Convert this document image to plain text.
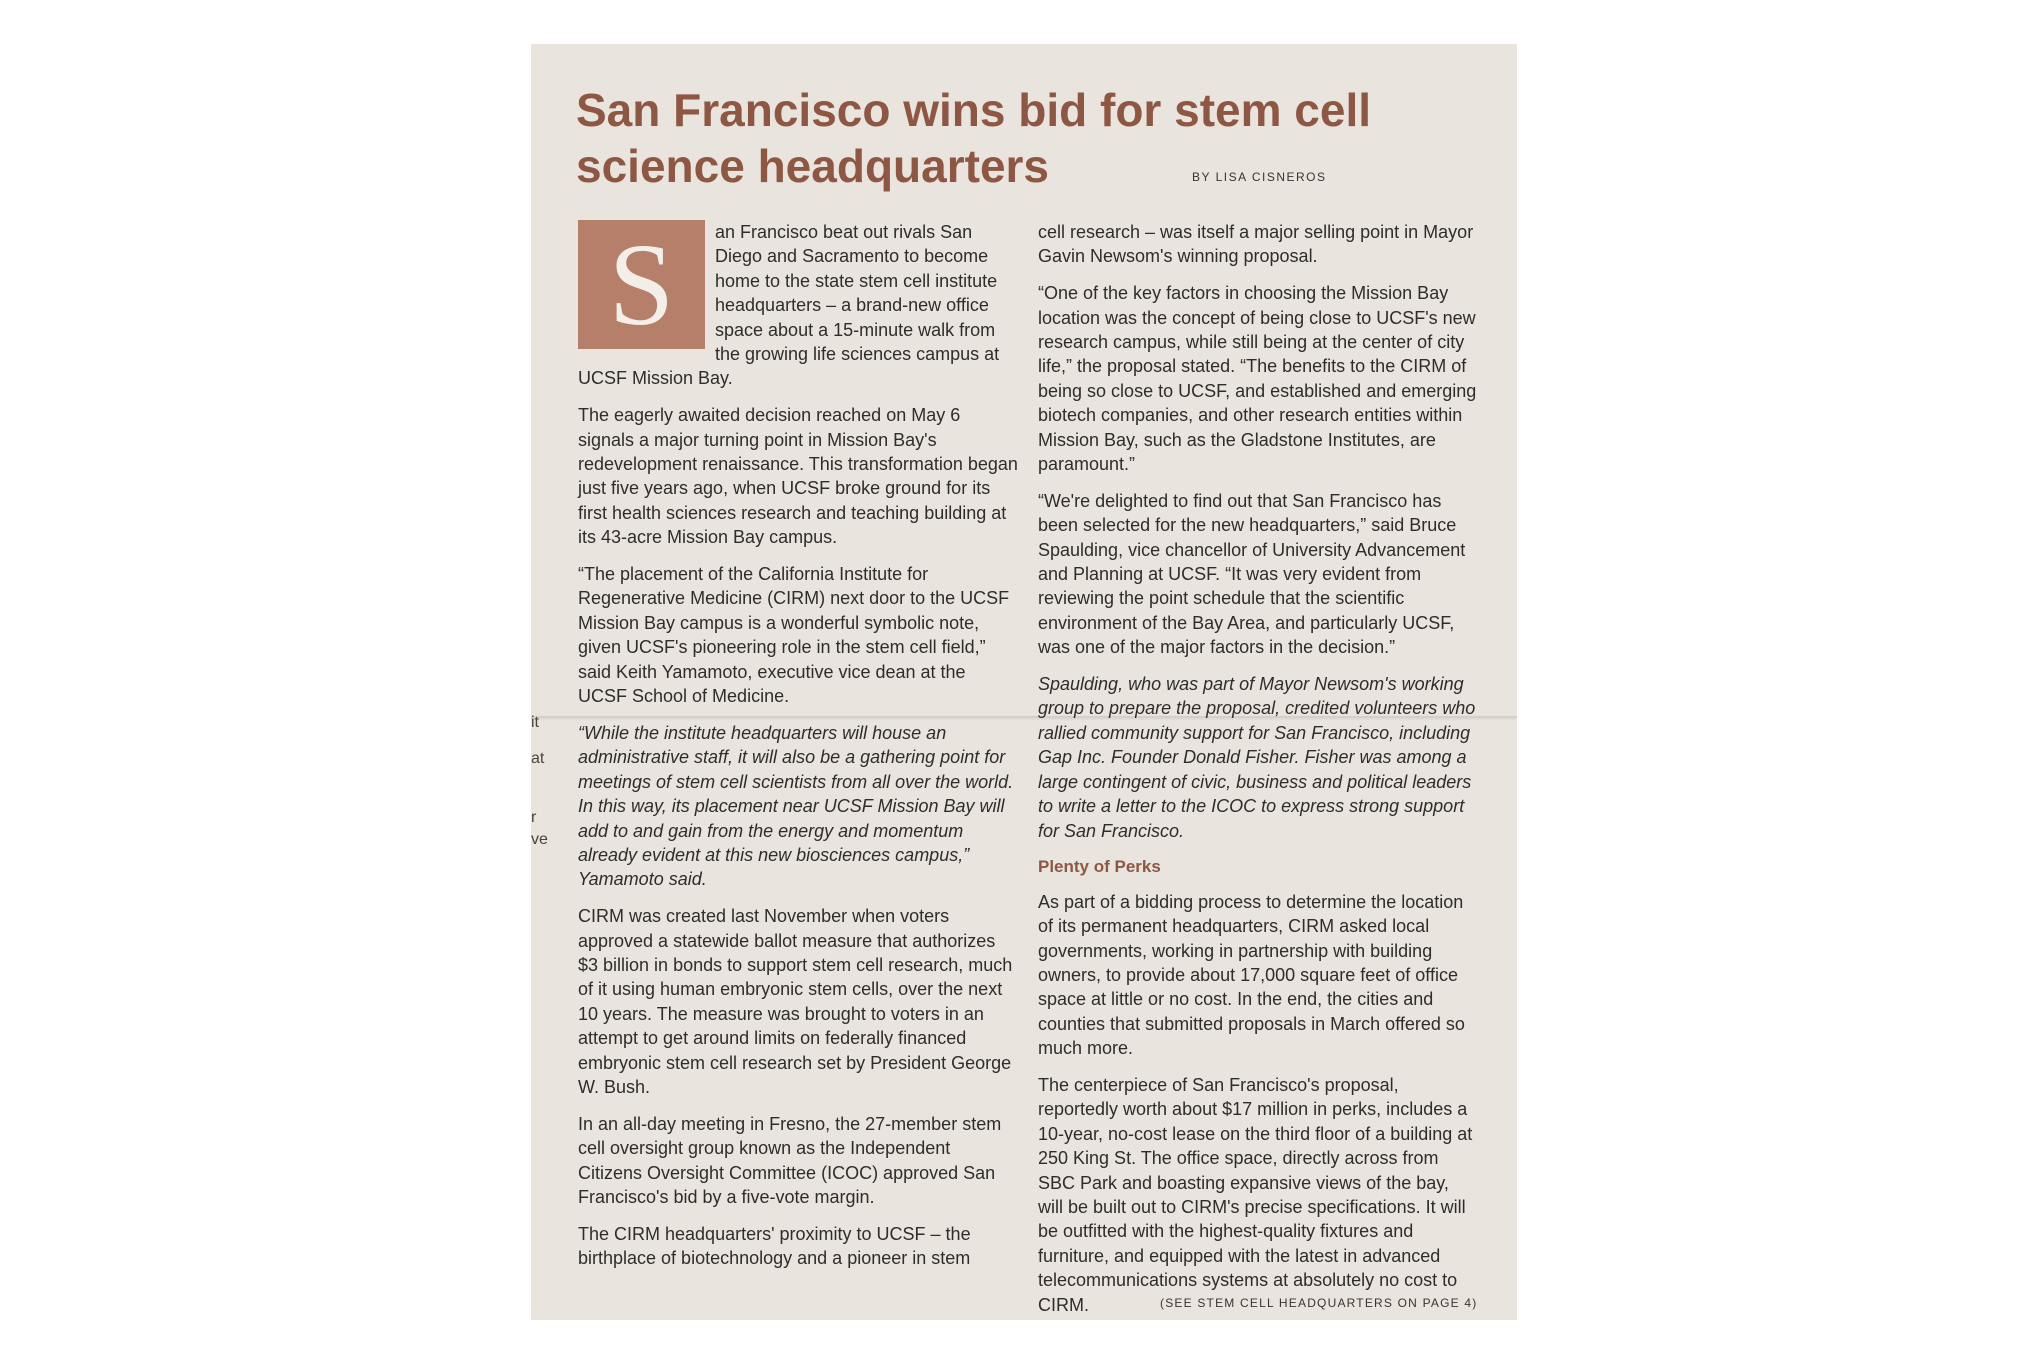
San Francisco wins bid for stem cell science headquarters	BY LISA CISNEROS
it
at
r
ve

S	an Francisco beat out rivals San Diego and Sacramento to become home to the state stem cell institute headquarters – a brand-new office space about a 15-minute walk from the growing life sciences campus at UCSF Mission Bay.

The eagerly awaited decision reached on May 6 signals a major turning point in Mission Bay's redevelopment renaissance. This transformation began just five years ago, when UCSF broke ground for its first health sciences research and teaching building at its 43-acre Mission Bay campus.

“The placement of the California Institute for Regenerative Medicine (CIRM) next door to the UCSF Mission Bay campus is a wonderful symbolic note, given UCSF's pioneering role in the stem cell field,” said Keith Yamamoto, executive vice dean at the UCSF School of Medicine.

“While the institute headquarters will house an administrative staff, it will also be a gathering point for meetings of stem cell scientists from all over the world. In this way, its placement near UCSF Mission Bay will add to and gain from the energy and momentum already evident at this new biosciences campus,” Yamamoto said.

CIRM was created last November when voters approved a statewide ballot measure that authorizes $3 billion in bonds to support stem cell research, much of it using human embryonic stem cells, over the next 10 years. The measure was brought to voters in an attempt to get around limits on federally financed embryonic stem cell research set by President George W. Bush.

In an all-day meeting in Fresno, the 27-member stem cell oversight group known as the Independent Citizens Oversight Committee (ICOC) approved San Francisco's bid by a five-vote margin.

The CIRM headquarters' proximity to UCSF – the birthplace of biotechnology and a pioneer in stem

cell research – was itself a major selling point in Mayor Gavin Newsom's winning proposal.

“One of the key factors in choosing the Mission Bay location was the concept of being close to UCSF's new research campus, while still being at the center of city life,” the proposal stated. “The benefits to the CIRM of being so close to UCSF, and established and emerging biotech companies, and other research entities within Mission Bay, such as the Gladstone Institutes, are paramount.”

“We're delighted to find out that San Francisco has been selected for the new headquarters,” said Bruce Spaulding, vice chancellor of University Advancement and Planning at UCSF. “It was very evident from reviewing the point schedule that the scientific environment of the Bay Area, and particularly UCSF, was one of the major factors in the decision.”

Spaulding, who was part of Mayor Newsom's working group to prepare the proposal, credited volunteers who rallied community support for San Francisco, including Gap Inc. Founder Donald Fisher. Fisher was among a large contingent of civic, business and political leaders to write a letter to the ICOC to express strong support for San Francisco.

Plenty of Perks

As part of a bidding process to determine the location of its permanent headquarters, CIRM asked local governments, working in partnership with building owners, to provide about 17,000 square feet of office space at little or no cost. In the end, the cities and counties that submitted proposals in March offered so much more.

The centerpiece of San Francisco's proposal, reportedly worth about $17 million in perks, includes a 10-year, no-cost lease on the third floor of a building at 250 King St. The office space, directly across from SBC Park and boasting expansive views of the bay, will be built out to CIRM's precise specifications. It will be outfitted with the highest-quality fixtures and furniture, and equipped with the latest in advanced telecommunications systems at absolutely no cost to CIRM.	(SEE STEM CELL HEADQUARTERS ON PAGE 4)
